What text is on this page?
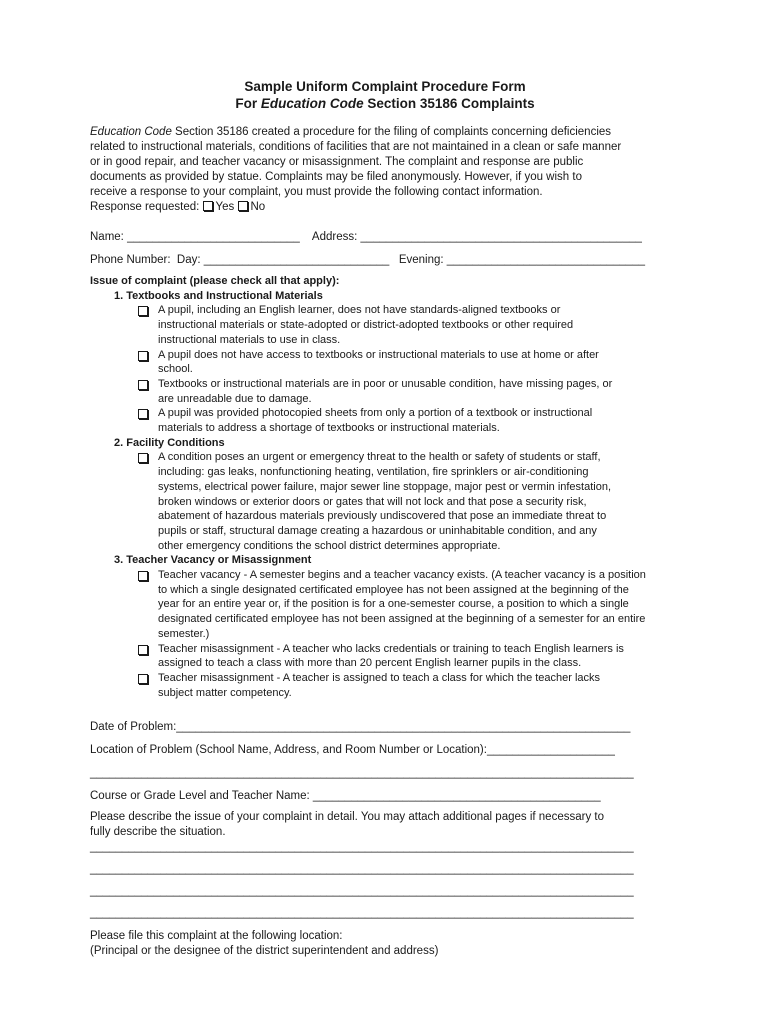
Sample Uniform Complaint Procedure Form
For Education Code Section 35186 Complaints

Education Code Section 35186 created a procedure for the filing of complaints concerning deficiencies
related to instructional materials, conditions of facilities that are not maintained in a clean or safe manner
or in good repair, and teacher vacancy or misassignment. The complaint and response are public
documents as provided by statue. Complaints may be filed anonymously. However, if you wish to
receive a response to your complaint, you must provide the following contact information.

Response requested: Yes No

Name: ___________________________    Address: ____________________________________________
Phone Number:  Day: _____________________________   Evening: _______________________________
Issue of complaint (please check all that apply):
1. Textbooks and Instructional Materials
A pupil, including an English learner, does not have standards-aligned textbooks or
instructional materials or state-adopted or district-adopted textbooks or other required
instructional materials to use in class.
A pupil does not have access to textbooks or instructional materials to use at home or after
school.
Textbooks or instructional materials are in poor or unusable condition, have missing pages, or
are unreadable due to damage.
A pupil was provided photocopied sheets from only a portion of a textbook or instructional
materials to address a shortage of textbooks or instructional materials.
2. Facility Conditions
A condition poses an urgent or emergency threat to the health or safety of students or staff,
including: gas leaks, nonfunctioning heating, ventilation, fire sprinklers or air-conditioning
systems, electrical power failure, major sewer line stoppage, major pest or vermin infestation,
broken windows or exterior doors or gates that will not lock and that pose a security risk,
abatement of hazardous materials previously undiscovered that pose an immediate threat to
pupils or staff, structural damage creating a hazardous or uninhabitable condition, and any
other emergency conditions the school district determines appropriate.
3. Teacher Vacancy or Misassignment
Teacher vacancy - A semester begins and a teacher vacancy exists. (A teacher vacancy is a position
to which a single designated certificated employee has not been assigned at the beginning of the
year for an entire year or, if the position is for a one-semester course, a position to which a single
designated certificated employee has not been assigned at the beginning of a semester for an entire
semester.)
Teacher misassignment - A teacher who lacks credentials or training to teach English learners is
assigned to teach a class with more than 20 percent English learner pupils in the class.
Teacher misassignment - A teacher is assigned to teach a class for which the teacher lacks
subject matter competency.
Date of Problem:_______________________________________________________________________
Location of Problem (School Name, Address, and Room Number or Location):____________________
_____________________________________________________________________________________
Course or Grade Level and Teacher Name: _____________________________________________
Please describe the issue of your complaint in detail. You may attach additional pages if necessary to
fully describe the situation.
_____________________________________________________________________________________
_____________________________________________________________________________________
_____________________________________________________________________________________
_____________________________________________________________________________________
Please file this complaint at the following location:
(Principal or the designee of the district superintendent and address)
